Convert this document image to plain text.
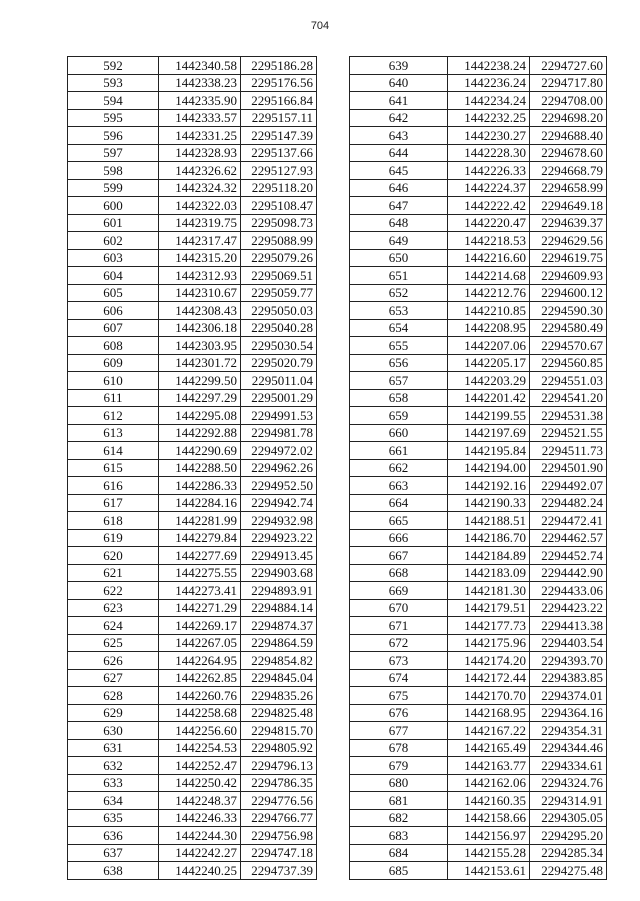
704
592	1442340.58	2295186.28
593	1442338.23	2295176.56
594	1442335.90	2295166.84
595	1442333.57	2295157.11
596	1442331.25	2295147.39
597	1442328.93	2295137.66
598	1442326.62	2295127.93
599	1442324.32	2295118.20
600	1442322.03	2295108.47
601	1442319.75	2295098.73
602	1442317.47	2295088.99
603	1442315.20	2295079.26
604	1442312.93	2295069.51
605	1442310.67	2295059.77
606	1442308.43	2295050.03
607	1442306.18	2295040.28
608	1442303.95	2295030.54
609	1442301.72	2295020.79
610	1442299.50	2295011.04
611	1442297.29	2295001.29
612	1442295.08	2294991.53
613	1442292.88	2294981.78
614	1442290.69	2294972.02
615	1442288.50	2294962.26
616	1442286.33	2294952.50
617	1442284.16	2294942.74
618	1442281.99	2294932.98
619	1442279.84	2294923.22
620	1442277.69	2294913.45
621	1442275.55	2294903.68
622	1442273.41	2294893.91
623	1442271.29	2294884.14
624	1442269.17	2294874.37
625	1442267.05	2294864.59
626	1442264.95	2294854.82
627	1442262.85	2294845.04
628	1442260.76	2294835.26
629	1442258.68	2294825.48
630	1442256.60	2294815.70
631	1442254.53	2294805.92
632	1442252.47	2294796.13
633	1442250.42	2294786.35
634	1442248.37	2294776.56
635	1442246.33	2294766.77
636	1442244.30	2294756.98
637	1442242.27	2294747.18
638	1442240.25	2294737.39
639	1442238.24	2294727.60
640	1442236.24	2294717.80
641	1442234.24	2294708.00
642	1442232.25	2294698.20
643	1442230.27	2294688.40
644	1442228.30	2294678.60
645	1442226.33	2294668.79
646	1442224.37	2294658.99
647	1442222.42	2294649.18
648	1442220.47	2294639.37
649	1442218.53	2294629.56
650	1442216.60	2294619.75
651	1442214.68	2294609.93
652	1442212.76	2294600.12
653	1442210.85	2294590.30
654	1442208.95	2294580.49
655	1442207.06	2294570.67
656	1442205.17	2294560.85
657	1442203.29	2294551.03
658	1442201.42	2294541.20
659	1442199.55	2294531.38
660	1442197.69	2294521.55
661	1442195.84	2294511.73
662	1442194.00	2294501.90
663	1442192.16	2294492.07
664	1442190.33	2294482.24
665	1442188.51	2294472.41
666	1442186.70	2294462.57
667	1442184.89	2294452.74
668	1442183.09	2294442.90
669	1442181.30	2294433.06
670	1442179.51	2294423.22
671	1442177.73	2294413.38
672	1442175.96	2294403.54
673	1442174.20	2294393.70
674	1442172.44	2294383.85
675	1442170.70	2294374.01
676	1442168.95	2294364.16
677	1442167.22	2294354.31
678	1442165.49	2294344.46
679	1442163.77	2294334.61
680	1442162.06	2294324.76
681	1442160.35	2294314.91
682	1442158.66	2294305.05
683	1442156.97	2294295.20
684	1442155.28	2294285.34
685	1442153.61	2294275.48
